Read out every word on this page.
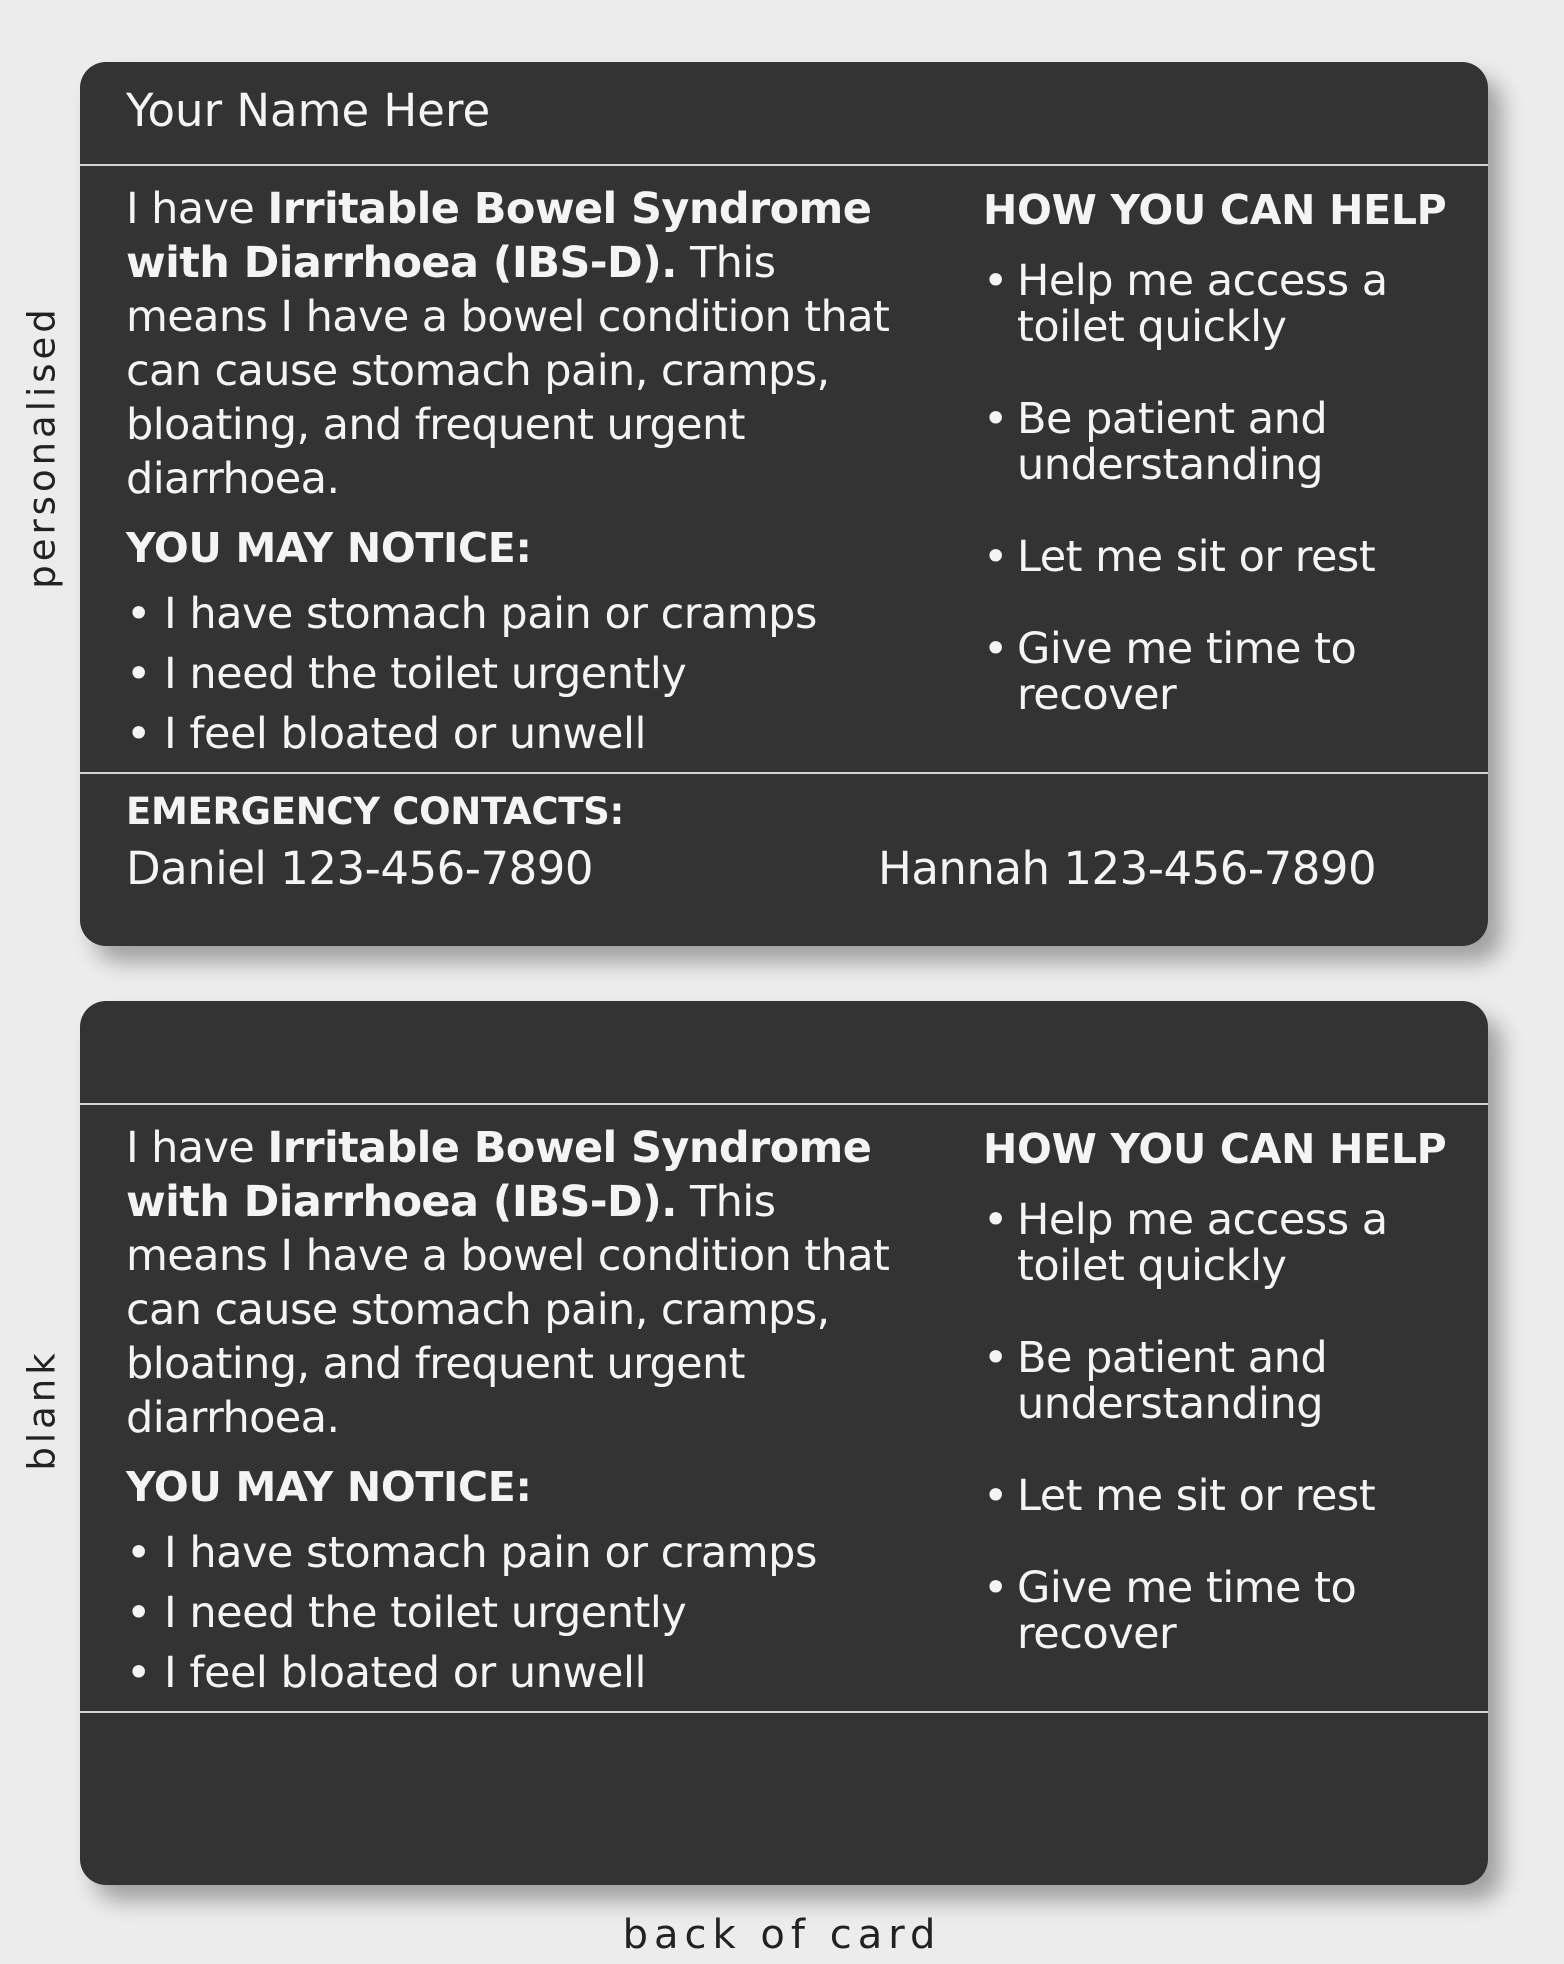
personalised
blank
Your Name Here
I have Irritable Bowel Syndrome with Diarrhoea (IBS-D). This means I have a bowel condition that can cause stomach pain, cramps, bloating, and frequent urgent diarrhoea.
YOU MAY NOTICE:
• I have stomach pain or cramps
• I need the toilet urgently
• I feel bloated or unwell
HOW YOU CAN HELP
• Help me access a toilet quickly
• Be patient and understanding
• Let me sit or rest
• Give me time to recover
EMERGENCY CONTACTS:
Daniel 123-456-7890	Hannah 123-456-7890
I have Irritable Bowel Syndrome with Diarrhoea (IBS-D). This means I have a bowel condition that can cause stomach pain, cramps, bloating, and frequent urgent diarrhoea.
YOU MAY NOTICE:
• I have stomach pain or cramps
• I need the toilet urgently
• I feel bloated or unwell
HOW YOU CAN HELP
• Help me access a toilet quickly
• Be patient and understanding
• Let me sit or rest
• Give me time to recover
back of card
